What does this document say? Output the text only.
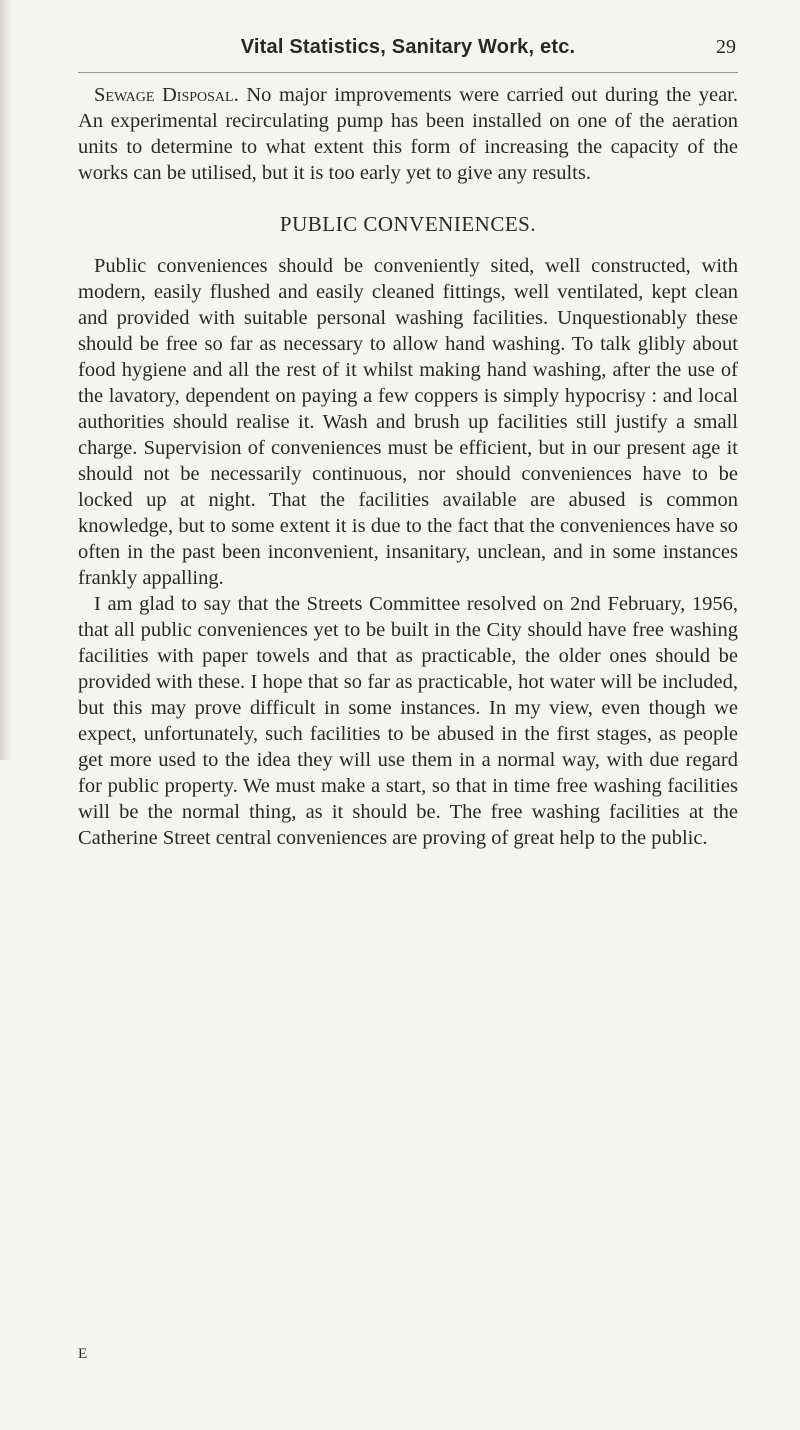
Vital Statistics, Sanitary Work, etc.	29

Sewage Disposal. No major improvements were carried out during the year. An experimental recirculating pump has been installed on one of the aeration units to determine to what extent this form of increasing the capacity of the works can be utilised, but it is too early yet to give any results.

PUBLIC CONVENIENCES.

Public conveniences should be conveniently sited, well constructed, with modern, easily flushed and easily cleaned fittings, well ventilated, kept clean and provided with suitable personal washing facilities. Unquestionably these should be free so far as necessary to allow hand washing. To talk glibly about food hygiene and all the rest of it whilst making hand washing, after the use of the lavatory, dependent on paying a few coppers is simply hypocrisy : and local authorities should realise it. Wash and brush up facilities still justify a small charge. Supervision of conveniences must be efficient, but in our present age it should not be necessarily continuous, nor should conveniences have to be locked up at night. That the facilities available are abused is common knowledge, but to some extent it is due to the fact that the conveniences have so often in the past been inconvenient, insanitary, unclean, and in some instances frankly appalling.

I am glad to say that the Streets Committee resolved on 2nd February, 1956, that all public conveniences yet to be built in the City should have free washing facilities with paper towels and that as practicable, the older ones should be provided with these. I hope that so far as practicable, hot water will be included, but this may prove difficult in some instances. In my view, even though we expect, unfortunately, such facilities to be abused in the first stages, as people get more used to the idea they will use them in a normal way, with due regard for public property. We must make a start, so that in time free washing facilities will be the normal thing, as it should be. The free washing facilities at the Catherine Street central conveniences are proving of great help to the public.

E
